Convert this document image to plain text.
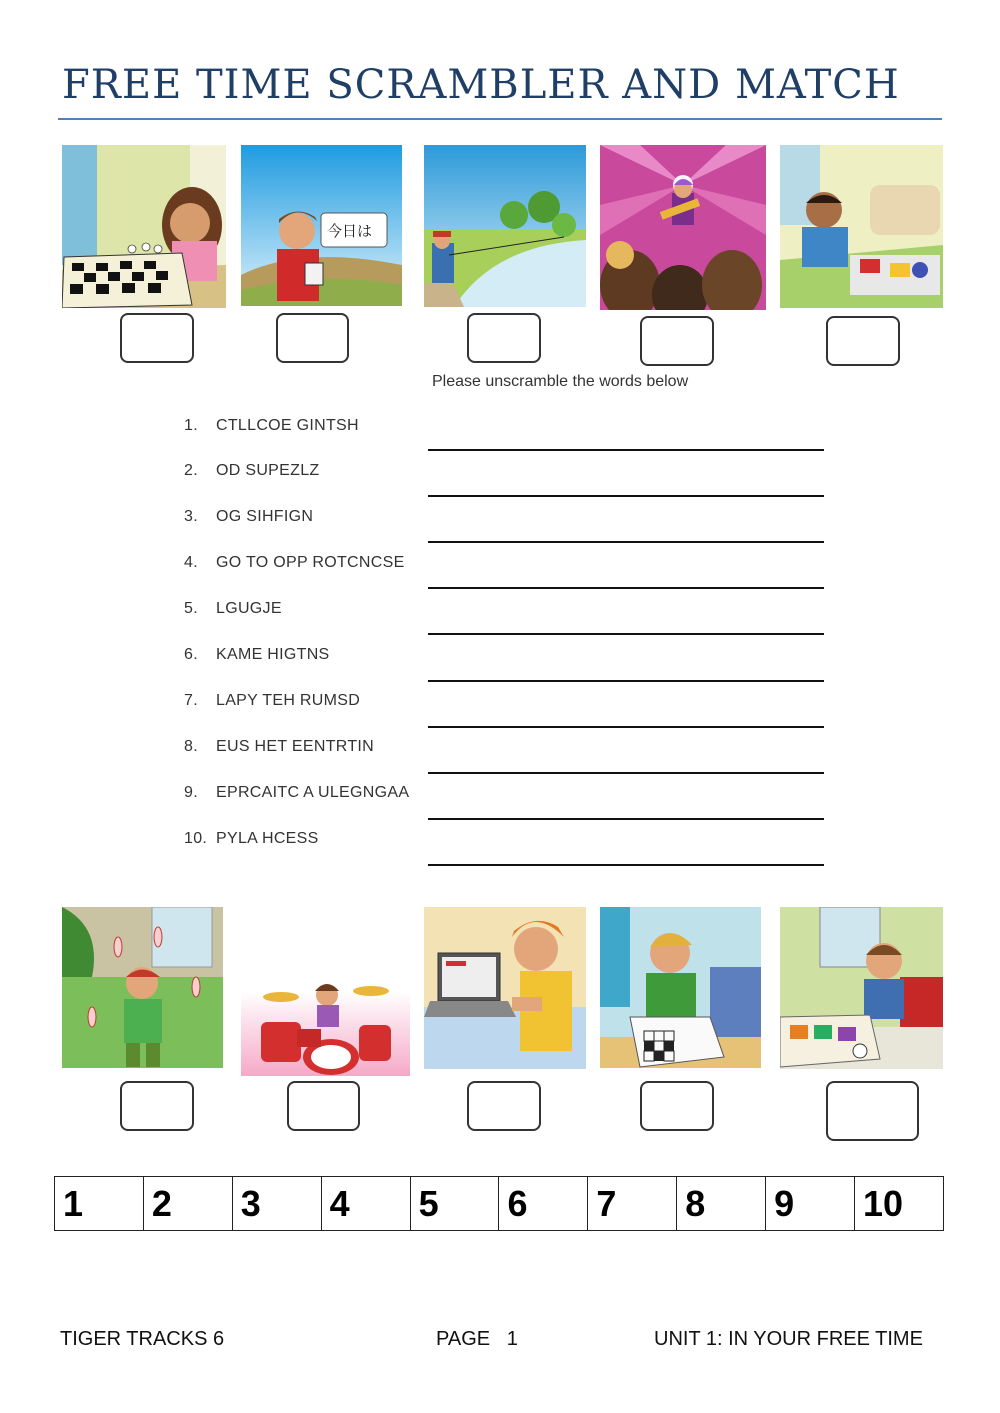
FREE TIME SCRAMBLER AND MATCH
今日は
Please unscramble the words below
1. CTLLCOE GINTSH
2. OD SUPEZLZ
3. OG SIHFIGN
4. GO TO OPP ROTCNCSE
5. LGUGJE
6. KAME HIGTNS
7. LAPY TEH RUMSD
8. EUS HET EENTRTIN
9. EPRCAITC A ULEGNGAA
10. PYLA HCESS
1	2	3	4	5	6	7	8	9	10
TIGER TRACKS 6	PAGE   1	UNIT 1: IN YOUR FREE TIME
